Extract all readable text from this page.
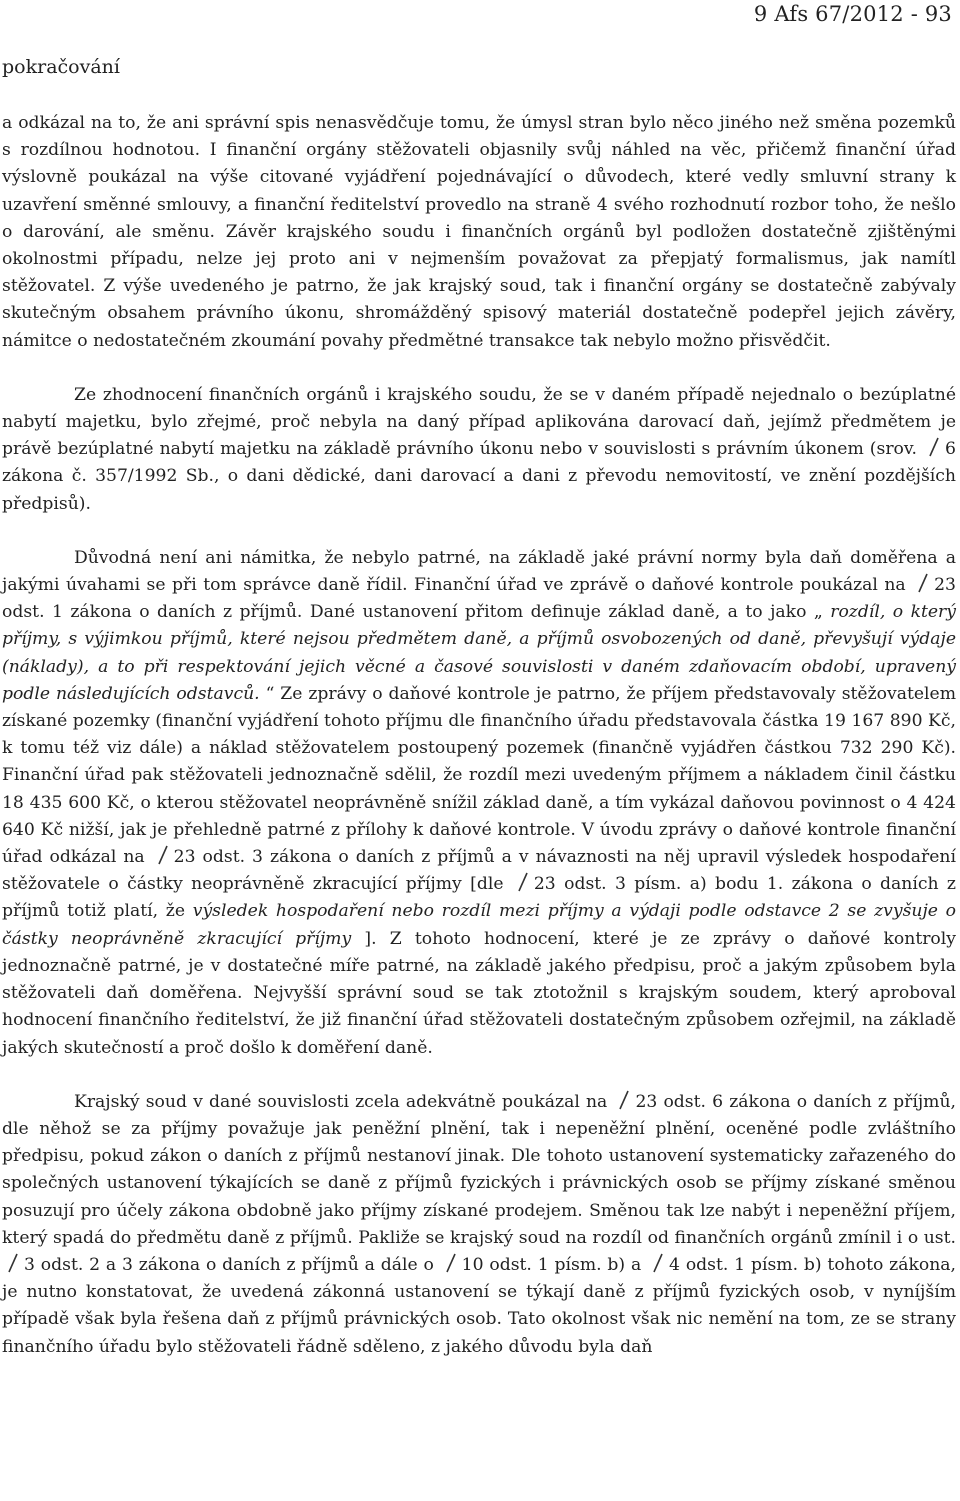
9 Afs 67/2012 - 93
pokračování

a odkázal na to, že ani správní spis nenasvědčuje tomu, že úmysl stran bylo něco jiného než směna pozemků s rozdílnou hodnotou. I finanční orgány stěžovateli objasnily svůj náhled na věc, přičemž finanční úřad výslovně poukázal na výše citované vyjádření pojednávající o důvodech, které vedly smluvní strany k uzavření směnné smlouvy, a finanční ředitelství provedlo na straně 4 svého rozhodnutí rozbor toho, že nešlo o darování, ale směnu. Závěr krajského soudu i finančních orgánů byl podložen dostatečně zjištěnými okolnostmi případu, nelze jej proto ani v nejmenším považovat za přepjatý formalismus, jak namítl stěžovatel. Z výše uvedeného je patrno, že jak krajský soud, tak i finanční orgány se dostatečně zabývaly skutečným obsahem právního úkonu, shromážděný spisový materiál dostatečně podepřel jejich závěry, námitce o nedostatečném zkoumání povahy předmětné transakce tak nebylo možno přisvědčit.

Ze zhodnocení finančních orgánů i krajského soudu, že se v daném případě nejednalo o bezúplatné nabytí majetku, bylo zřejmé, proč nebyla na daný případ aplikována darovací daň, jejímž předmětem je právě bezúplatné nabytí majetku na základě právního úkonu nebo v souvislosti s právním úkonem (srov. 6 zákona č. 357/1992 Sb., o dani dědické, dani darovací a dani z převodu nemovitostí, ve znění pozdějších předpisů).

Důvodná není ani námitka, že nebylo patrné, na základě jaké právní normy byla daň doměřena a jakými úvahami se při tom správce daně řídil. Finanční úřad ve zprávě o daňové kontrole poukázal na 23 odst. 1 zákona o daních z příjmů. Dané ustanovení přitom definuje základ daně, a to jako „ rozdíl, o který příjmy, s výjimkou příjmů, které nejsou předmětem daně, a příjmů osvobozených od daně, převyšují výdaje (náklady), a to při respektování jejich věcné a časové souvislosti v daném zdaňovacím období, upravený podle následujících odstavců. “ Ze zprávy o daňové kontrole je patrno, že příjem představovaly stěžovatelem získané pozemky (finanční vyjádření tohoto příjmu dle finančního úřadu představovala částka 19 167 890 Kč, k tomu též viz dále) a náklad stěžovatelem postoupený pozemek (finančně vyjádřen částkou 732 290 Kč). Finanční úřad pak stěžovateli jednoznačně sdělil, že rozdíl mezi uvedeným příjmem a nákladem činil částku 18 435 600 Kč, o kterou stěžovatel neoprávněně snížil základ daně, a tím vykázal daňovou povinnost o 4 424 640 Kč nižší, jak je přehledně patrné z přílohy k daňové kontrole. V úvodu zprávy o daňové kontrole finanční úřad odkázal na 23 odst. 3 zákona o daních z příjmů a v návaznosti na něj upravil výsledek hospodaření stěžovatele o částky neoprávněně zkracující příjmy [dle 23 odst. 3 písm. a) bodu 1. zákona o daních z příjmů totiž platí, že výsledek hospodaření nebo rozdíl mezi příjmy a výdaji podle odstavce 2 se zvyšuje o částky neoprávněně zkracující příjmy ]. Z tohoto hodnocení, které je ze zprávy o daňové kontroly jednoznačně patrné, je v dostatečné míře patrné, na základě jakého předpisu, proč a jakým způsobem byla stěžovateli daň doměřena. Nejvyšší správní soud se tak ztotožnil s krajským soudem, který aproboval hodnocení finančního ředitelství, že již finanční úřad stěžovateli dostatečným způsobem ozřejmil, na základě jakých skutečností a proč došlo k doměření daně.

Krajský soud v dané souvislosti zcela adekvátně poukázal na 23 odst. 6 zákona o daních z příjmů, dle něhož se za příjmy považuje jak peněžní plnění, tak i nepeněžní plnění, oceněné podle zvláštního předpisu, pokud zákon o daních z příjmů nestanoví jinak. Dle tohoto ustanovení systematicky zařazeného do společných ustanovení týkajících se daně z příjmů fyzických i právnických osob se příjmy získané směnou posuzují pro účely zákona obdobně jako příjmy získané prodejem. Směnou tak lze nabýt i nepeněžní příjem, který spadá do předmětu daně z příjmů. Pakliže se krajský soud na rozdíl od finančních orgánů zmínil i o ust.
3 odst. 2 a 3 zákona o daních z příjmů a dále o 10 odst. 1 písm. b) a 4 odst. 1 písm. b) tohoto zákona, je nutno konstatovat, že uvedená zákonná ustanovení se týkají daně z příjmů fyzických osob, v nyníjším případě však byla řešena daň z příjmů právnických osob. Tato okolnost však nic nemění na tom, ze se strany finančního úřadu bylo stěžovateli řádně sděleno, z jakého důvodu byla daň
